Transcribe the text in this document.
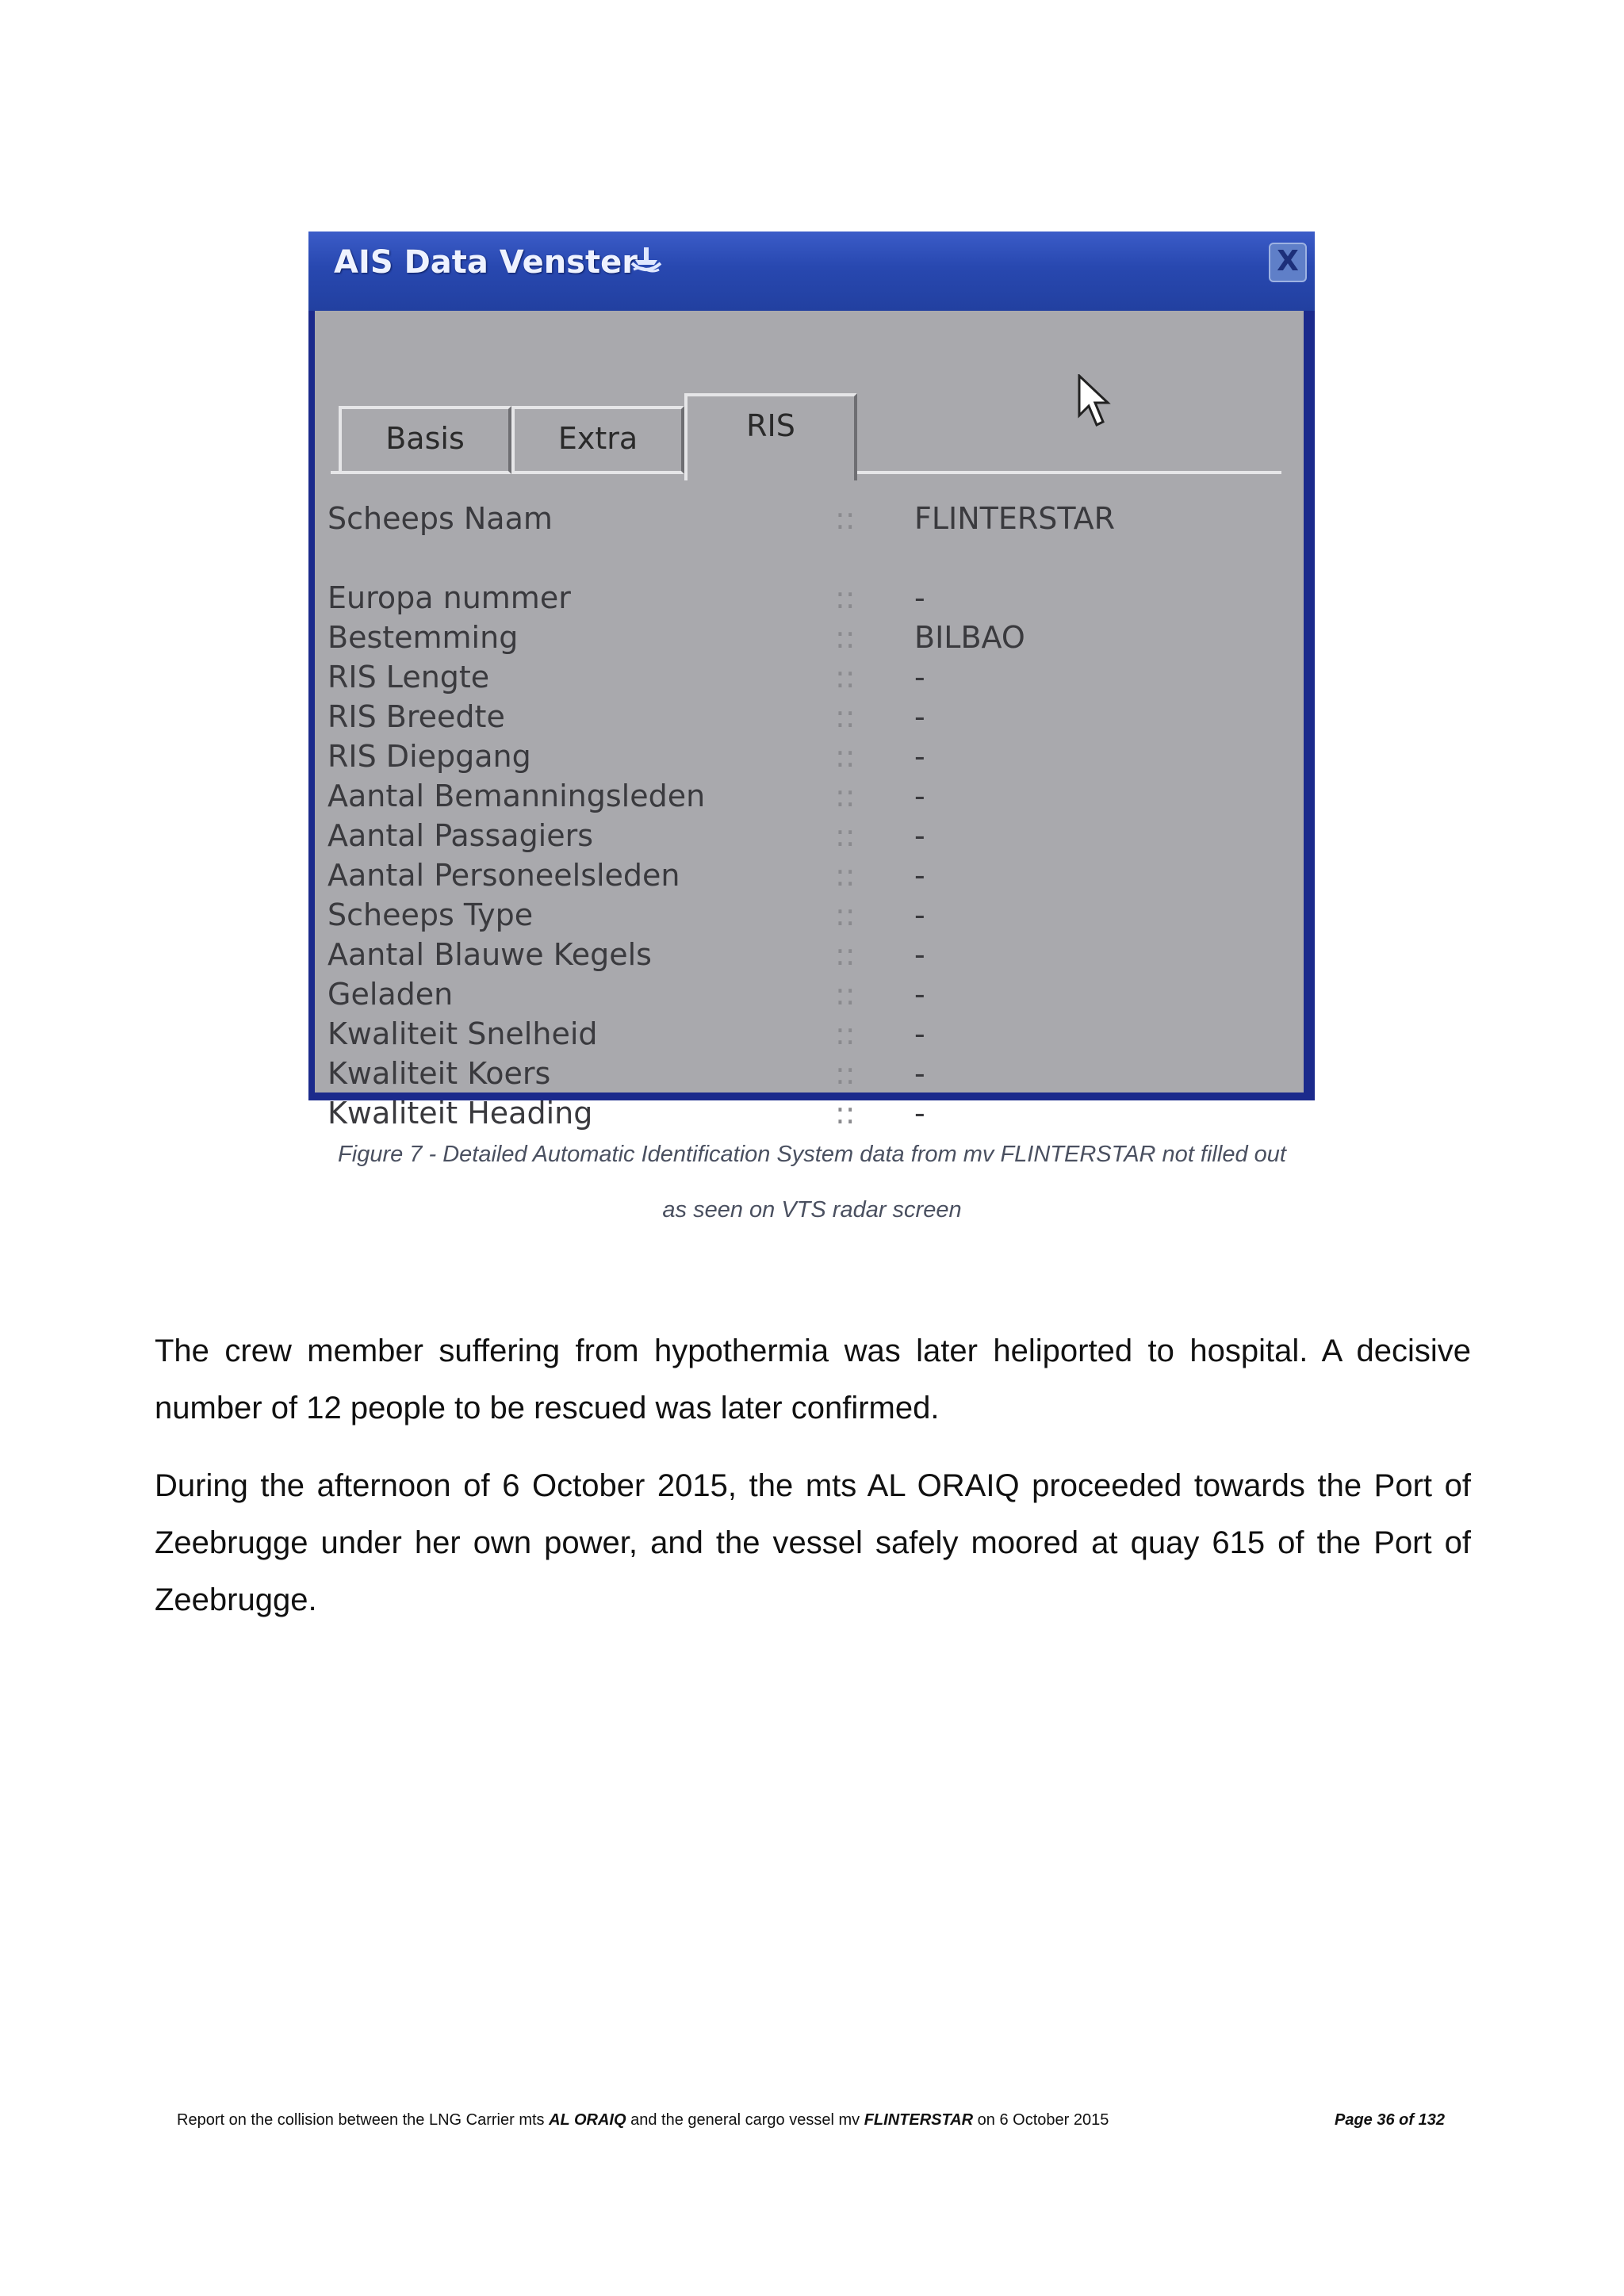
AIS Data Venster	X
Basis	Extra	RIS
Scheeps Naam	:: FLINTERSTAR
Europa nummer	:: -
Bestemming	:: BILBAO
RIS Lengte	:: -
RIS Breedte	:: -
RIS Diepgang	:: -
Aantal Bemanningsleden	:: -
Aantal Passagiers	:: -
Aantal Personeelsleden	:: -
Scheeps Type	:: -
Aantal Blauwe Kegels	:: -
Geladen	:: -
Kwaliteit Snelheid	:: -
Kwaliteit Koers	:: -
Kwaliteit Heading	:: -
Figure 7 - Detailed Automatic Identification System data from mv FLINTERSTAR not filled out
as seen on VTS radar screen

The crew member suffering from hypothermia was later heliported to hospital. A decisive number of 12 people to be rescued was later confirmed.

During the afternoon of 6 October 2015, the mts AL ORAIQ proceeded towards the Port of Zeebrugge under her own power, and the vessel safely moored at quay 615 of the Port of Zeebrugge.

Report on the collision between the LNG Carrier mts AL ORAIQ and the general cargo vessel mv FLINTERSTAR on 6 October 2015	Page 36 of 132
